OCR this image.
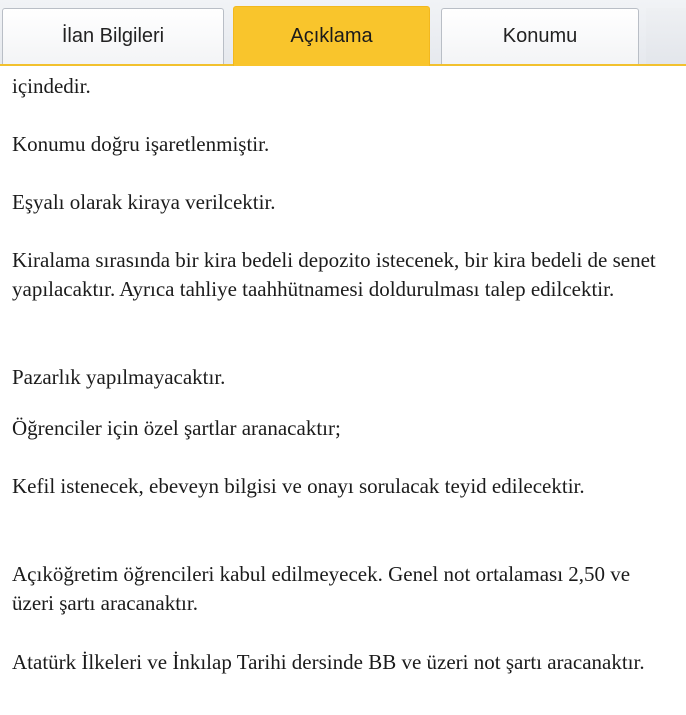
İlan Bilgileri	Açıklama	Konumu

içindedir.

Konumu doğru işaretlenmiştir.

Eşyalı olarak kiraya verilcektir.

Kiralama sırasında bir kira bedeli depozito istecenek, bir kira bedeli de senet yapılacaktır. Ayrıca tahliye taahhütnamesi doldurulması talep edilcektir.

Pazarlık yapılmayacaktır.

Öğrenciler için özel şartlar aranacaktır;

Kefil istenecek, ebeveyn bilgisi ve onayı sorulacak teyid edilecektir.

Açıköğretim öğrencileri kabul edilmeyecek. Genel not ortalaması 2,50 ve üzeri şartı aracanaktır.

Atatürk İlkeleri ve İnkılap Tarihi dersinde BB ve üzeri not şartı aracanaktır.
